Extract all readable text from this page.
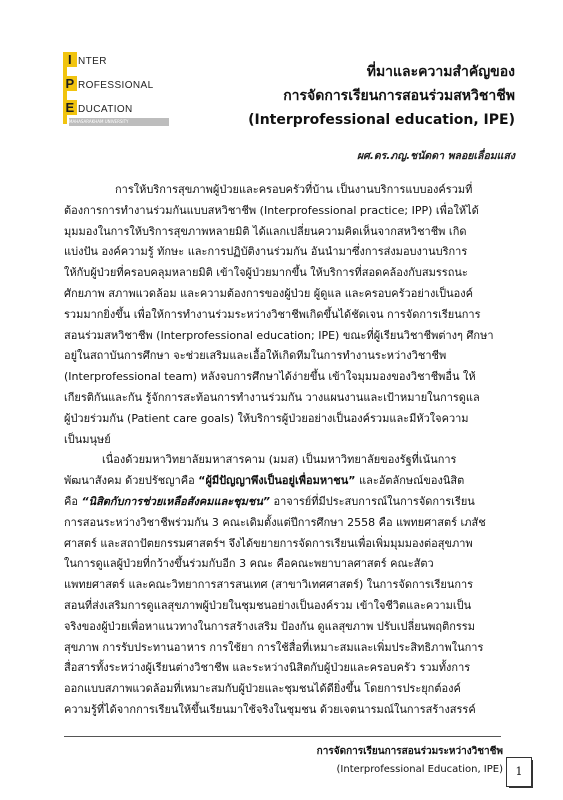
I NTER
P ROFESSIONAL
E DUCATION
MAHASARAKHAM UNIVERSITY
ที่มาและความสำคัญของ
การจัดการเรียนการสอนร่วมสหวิชาชีพ
(Interprofessional education, IPE)
ผศ.ดร.ภญ.ชนัดดา พลอยเลื่อมแสง
การให้บริการสุขภาพผู้ป่วยและครอบครัวที่บ้าน เป็นงานบริการแบบองค์รวมที่
ต้องการการทำงานร่วมกันแบบสหวิชาชีพ (Interprofessional practice; IPP) เพื่อให้ได้
มุมมองในการให้บริการสุขภาพหลายมิติ ได้แลกเปลี่ยนความคิดเห็นจากสหวิชาชีพ เกิด
แบ่งปัน องค์ความรู้ ทักษะ และการปฏิบัติงานร่วมกัน อันนำมาซึ่งการส่งมอบงานบริการ
ให้กับผู้ป่วยที่ครอบคลุมหลายมิติ เข้าใจผู้ป่วยมากขึ้น ให้บริการที่สอดคล้องกับสมรรถนะ
ศักยภาพ สภาพแวดล้อม และความต้องการของผู้ป่วย ผู้ดูแล และครอบครัวอย่างเป็นองค์
รวมมากยิ่งขึ้น เพื่อให้การทำงานร่วมระหว่างวิชาชีพเกิดขึ้นได้ชัดเจน การจัดการเรียนการ
สอนร่วมสหวิชาชีพ (Interprofessional education; IPE) ขณะที่ผู้เรียนวิชาชีพต่างๆ ศึกษา
อยู่ในสถาบันการศึกษา จะช่วยเสริมและเอื้อให้เกิดทีมในการทำงานระหว่างวิชาชีพ
(Interprofessional team) หลังจบการศึกษาได้ง่ายขึ้น เข้าใจมุมมองของวิชาชีพอื่น ให้
เกียรติกันและกัน รู้จักการสะท้อนการทำงานร่วมกัน วางแผนงานและเป้าหมายในการดูแล
ผู้ป่วยร่วมกัน (Patient care goals) ให้บริการผู้ป่วยอย่างเป็นองค์รวมและมีหัวใจความ
เป็นมนุษย์
เนื่องด้วยมหาวิทยาลัยมหาสารคาม (มมส) เป็นมหาวิทยาลัยของรัฐที่เน้นการ
พัฒนาสังคม ด้วยปรัชญาคือ “ผู้มีปัญญาพึงเป็นอยู่เพื่อมหาชน” และอัตลักษณ์ของนิสิต
คือ “นิสิตกับการช่วยเหลือสังคมและชุมชน” อาจารย์ที่มีประสบการณ์ในการจัดการเรียน
การสอนระหว่างวิชาชีพร่วมกัน 3 คณะเดิมตั้งแต่ปีการศึกษา 2558 คือ แพทยศาสตร์ เภสัช
ศาสตร์ และสถาปัตยกรรมศาสตร์ฯ จึงได้ขยายการจัดการเรียนเพื่อเพิ่มมุมมองต่อสุขภาพ
ในการดูแลผู้ป่วยที่กว้างขึ้นร่วมกับอีก 3 คณะ คือคณะพยาบาลศาสตร์ คณะสัตว
แพทยศาสตร์ และคณะวิทยาการสารสนเทศ (สาขาวิเทศศาสตร์) ในการจัดการเรียนการ
สอนที่ส่งเสริมการดูแลสุขภาพผู้ป่วยในชุมชนอย่างเป็นองค์รวม เข้าใจชีวิตและความเป็น
จริงของผู้ป่วยเพื่อหาแนวทางในการสร้างเสริม ป้องกัน ดูแลสุขภาพ ปรับเปลี่ยนพฤติกรรม
สุขภาพ การรับประทานอาหาร การใช้ยา การใช้สื่อที่เหมาะสมและเพิ่มประสิทธิภาพในการ
สื่อสารทั้งระหว่างผู้เรียนต่างวิชาชีพ และระหว่างนิสิตกับผู้ป่วยและครอบครัว รวมทั้งการ
ออกแบบสภาพแวดล้อมที่เหมาะสมกับผู้ป่วยและชุมชนได้ดียิ่งขึ้น โดยการประยุกต์องค์
ความรู้ที่ได้จากการเรียนให้ขึ้นเรียนมาใช้จริงในชุมชน ด้วยเจตนารมณ์ในการสร้างสรรค์
การจัดการเรียนการสอนร่วมระหว่างวิชาชีพ
(Interprofessional Education, IPE)	1
